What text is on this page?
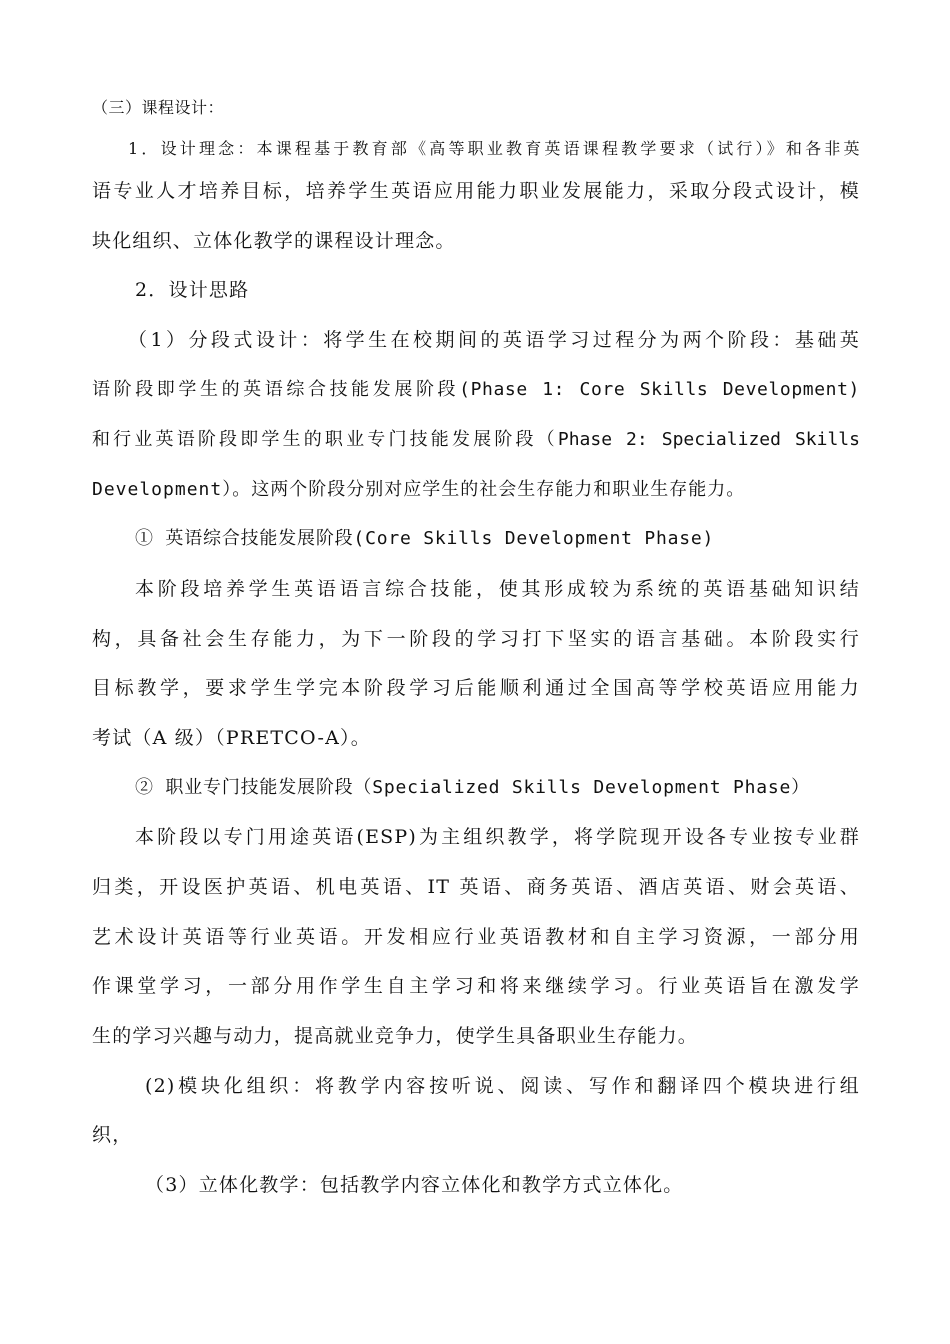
（三）课程设计：
1．设计理念：本课程基于教育部《高等职业教育英语课程教学要求（试行）》和各非英
语专业人才培养目标，培养学生英语应用能力职业发展能力，采取分段式设计，模
块化组织、立体化教学的课程设计理念。
2．设计思路
（1）分段式设计：将学生在校期间的英语学习过程分为两个阶段：基础英
语阶段即学生的英语综合技能发展阶段(Phase 1: Core Skills Development)
和行业英语阶段即学生的职业专门技能发展阶段（Phase 2: Specialized Skills
Development）。这两个阶段分别对应学生的社会生存能力和职业生存能力。
① 英语综合技能发展阶段(Core Skills Development Phase)
本阶段培养学生英语语言综合技能，使其形成较为系统的英语基础知识结
构，具备社会生存能力，为下一阶段的学习打下坚实的语言基础。本阶段实行
目标教学，要求学生学完本阶段学习后能顺利通过全国高等学校英语应用能力
考试（A 级）（PRETCO-A）。
② 职业专门技能发展阶段（Specialized Skills Development Phase）
本阶段以专门用途英语(ESP)为主组织教学，将学院现开设各专业按专业群
归类，开设医护英语、机电英语、IT 英语、商务英语、酒店英语、财会英语、
艺术设计英语等行业英语。开发相应行业英语教材和自主学习资源，一部分用
作课堂学习，一部分用作学生自主学习和将来继续学习。行业英语旨在激发学
生的学习兴趣与动力，提高就业竞争力，使学生具备职业生存能力。
(2)模块化组织：将教学内容按听说、阅读、写作和翻译四个模块进行组
织，
（3）立体化教学：包括教学内容立体化和教学方式立体化。
